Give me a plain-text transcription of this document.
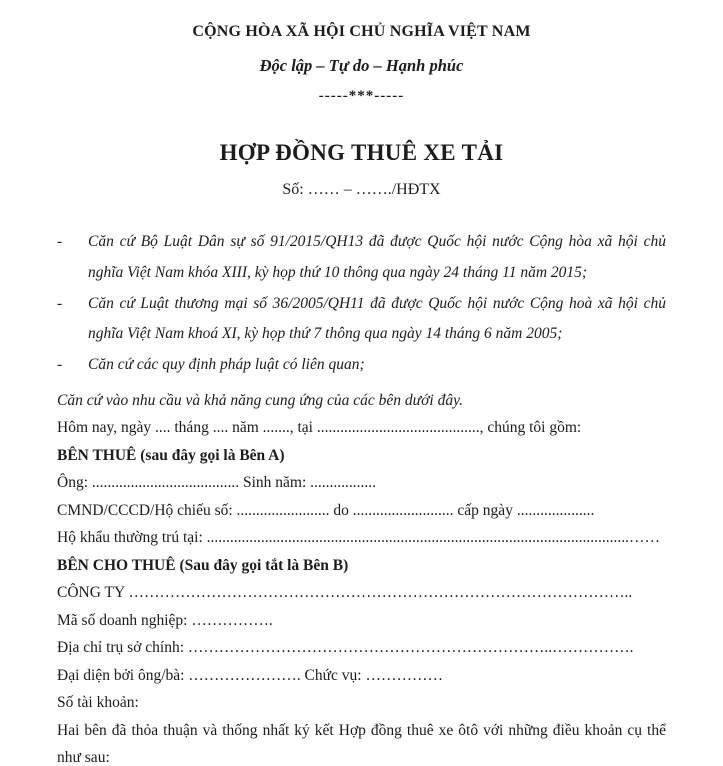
CỘNG HÒA XÃ HỘI CHỦ NGHĨA VIỆT NAM
Độc lập – Tự do – Hạnh phúc
-----***-----
HỢP ĐỒNG THUÊ XE TẢI
Số: …… – ……./HĐTX
- Căn cứ Bộ Luật Dân sự số 91/2015/QH13 đã được Quốc hội nước Cộng hòa xã hội chủ nghĩa Việt Nam khóa XIII, kỳ họp thứ 10 thông qua ngày 24 tháng 11 năm 2015;
- Căn cứ Luật thương mại số 36/2005/QH11 đã được Quốc hội nước Cộng hoà xã hội chủ nghĩa Việt Nam khoá XI, kỳ họp thứ 7 thông qua ngày 14 tháng 6 năm 2005;
- Căn cứ các quy định pháp luật có liên quan;

Căn cứ vào nhu cầu và khả năng cung ứng của các bên dưới đây.

Hôm nay, ngày .... tháng .... năm ......., tại .........................................., chúng tôi gồm:

BÊN THUÊ (sau đây gọi là Bên A)

Ông: ...................................... Sinh năm: .................

CMND/CCCD/Hộ chiếu số: ........................ do .......................... cấp ngày ....................

Hộ khẩu thường trú tại: .............................................................................................................……

BÊN CHO THUÊ (Sau đây gọi tắt là Bên B)

CÔNG TY ……………………………………………………………………………………..

Mã số doanh nghiệp: …………….

Địa chỉ trụ sở chính: ……………………………………………………………..…………….

Đại diện bởi ông/bà: …………………. Chức vụ: ……………

Số tài khoản:

Hai bên đã thỏa thuận và thống nhất ký kết Hợp đồng thuê xe ôtô với những điều khoản cụ thể như sau:
